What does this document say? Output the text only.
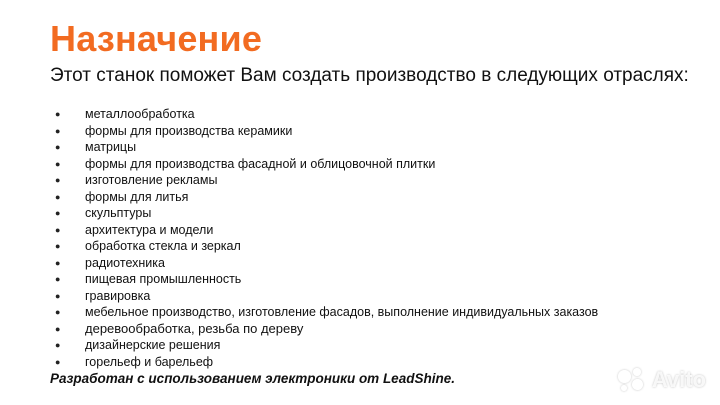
Назначение
Этот станок поможет Вам создать производство в следующих отраслях:
●	металлообработка
●	формы для производства керамики
●	матрицы
●	формы для производства фасадной и облицовочной плитки
●	изготовление рекламы
●	формы для литья
●	скульптуры
●	архитектура и модели
●	обработка стекла и зеркал
●	радиотехника
●	пищевая промышленность
●	гравировка
●	мебельное производство, изготовление фасадов, выполнение индивидуальных заказов
●	деревообработка, резьба по дереву
●	дизайнерские решения
●	горельеф и барельеф
Разработан с использованием электроники от LeadShine.	Avito
